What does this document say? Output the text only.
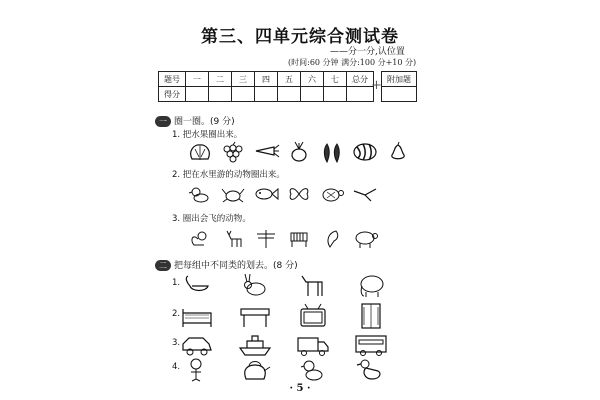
第三、四单元综合测试卷
——分一分,认位置
(时间:60 分钟 满分:100 分+10 分)
题号	一	二	三	四	五	六	七	总分
得分								
+ 附加题

一 圈一圈。(9 分)
1. 把水果圈出来。
2. 把在水里游的动物圈出来。
3. 圈出会飞的动物。
二 把每组中不同类的划去。(8 分)
1.
2.
3.
4.
· 5 ·
